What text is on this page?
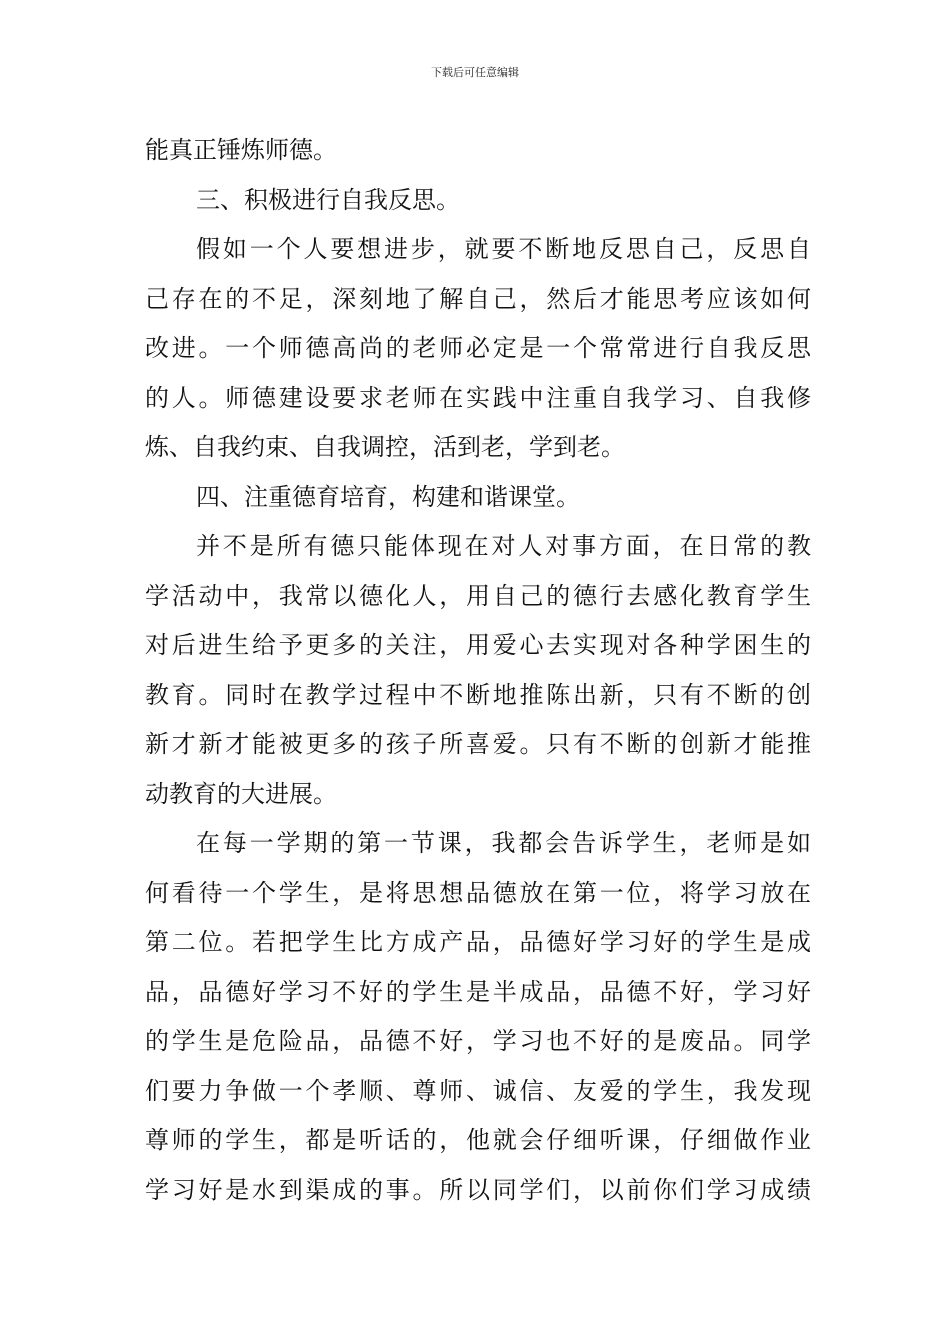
下载后可任意编辑
能真正锤炼师德。
三、积极进行自我反思。
假如一个人要想进步，就要不断地反思自己，反思自
己存在的不足，深刻地了解自己，然后才能思考应该如何
改进。一个师德高尚的老师必定是一个常常进行自我反思
的人。师德建设要求老师在实践中注重自我学习、自我修
炼、自我约束、自我调控，活到老，学到老。
四、注重德育培育，构建和谐课堂。
并不是所有德只能体现在对人对事方面，在日常的教
学活动中，我常以德化人，用自己的德行去感化教育学生
对后进生给予更多的关注，用爱心去实现对各种学困生的
教育。同时在教学过程中不断地推陈出新，只有不断的创
新才新才能被更多的孩子所喜爱。只有不断的创新才能推
动教育的大进展。
在每一学期的第一节课，我都会告诉学生，老师是如
何看待一个学生，是将思想品德放在第一位，将学习放在
第二位。若把学生比方成产品，品德好学习好的学生是成
品，品德好学习不好的学生是半成品，品德不好，学习好
的学生是危险品，品德不好，学习也不好的是废品。同学
们要力争做一个孝顺、尊师、诚信、友爱的学生，我发现
尊师的学生，都是听话的，他就会仔细听课，仔细做作业
学习好是水到渠成的事。所以同学们，以前你们学习成绩
